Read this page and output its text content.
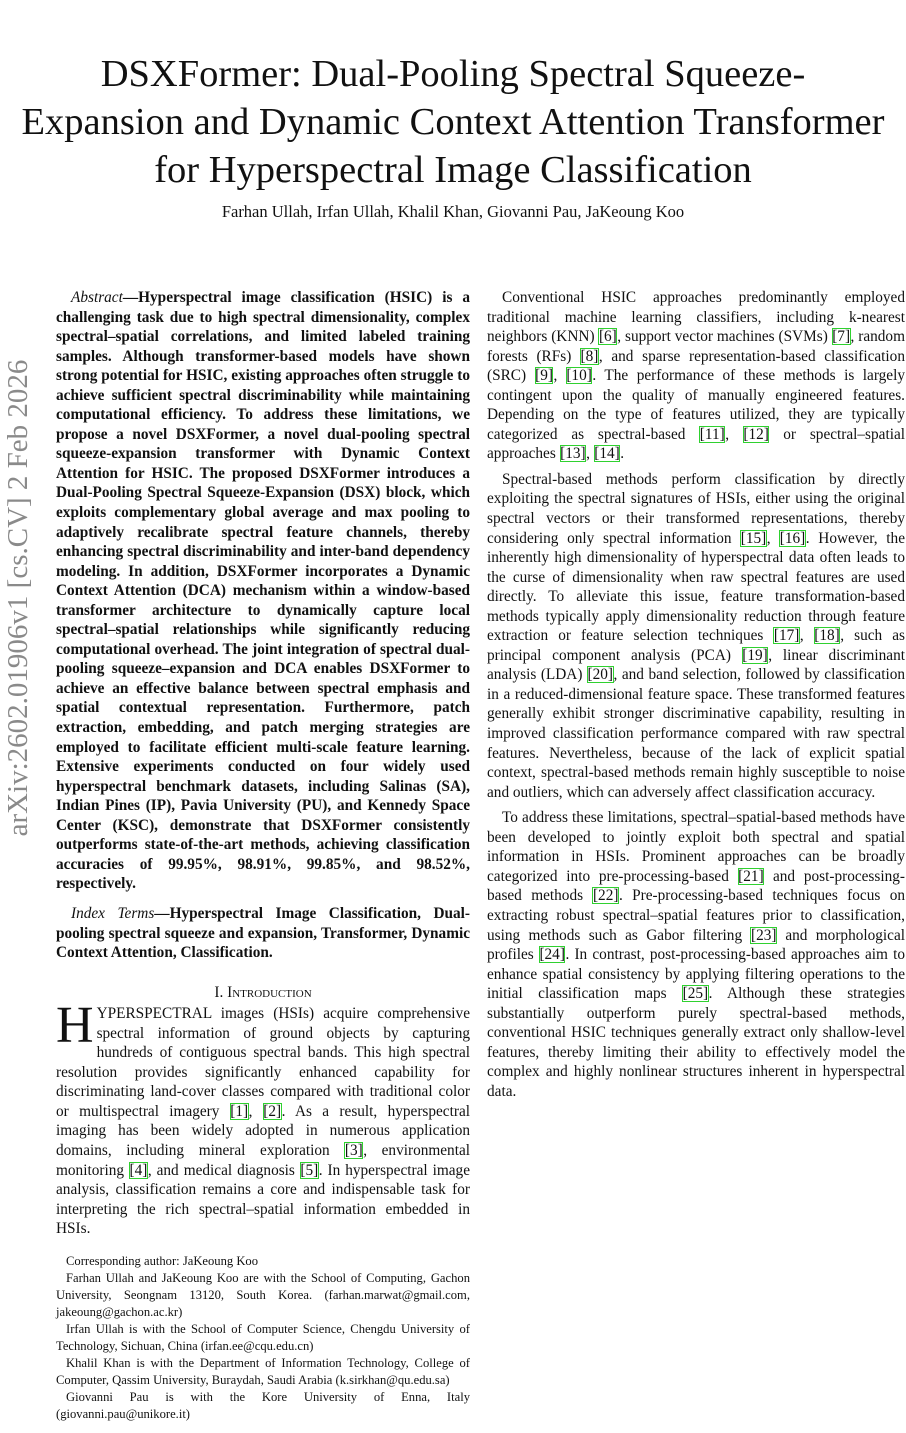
arXiv:2602.01906v1 [cs.CV] 2 Feb 2026
DSXFormer: Dual-Pooling Spectral Squeeze-Expansion and Dynamic Context Attention Transformer for Hyperspectral Image Classification
Farhan Ullah, Irfan Ullah, Khalil Khan, Giovanni Pau, JaKeoung Koo

Abstract—Hyperspectral image classification (HSIC) is a challenging task due to high spectral dimensionality, complex spectral–spatial correlations, and limited labeled training samples. Although transformer-based models have shown strong potential for HSIC, existing approaches often struggle to achieve sufficient spectral discriminability while maintaining computational efficiency. To address these limitations, we propose a novel DSXFormer, a novel dual-pooling spectral squeeze-expansion transformer with Dynamic Context Attention for HSIC. The proposed DSXFormer introduces a Dual-Pooling Spectral Squeeze-Expansion (DSX) block, which exploits complementary global average and max pooling to adaptively recalibrate spectral feature channels, thereby enhancing spectral discriminability and inter-band dependency modeling. In addition, DSXFormer incorporates a Dynamic Context Attention (DCA) mechanism within a window-based transformer architecture to dynamically capture local spectral–spatial relationships while significantly reducing computational overhead. The joint integration of spectral dual-pooling squeeze–expansion and DCA enables DSXFormer to achieve an effective balance between spectral emphasis and spatial contextual representation. Furthermore, patch extraction, embedding, and patch merging strategies are employed to facilitate efficient multi-scale feature learning. Extensive experiments conducted on four widely used hyperspectral benchmark datasets, including Salinas (SA), Indian Pines (IP), Pavia University (PU), and Kennedy Space Center (KSC), demonstrate that DSXFormer consistently outperforms state-of-the-art methods, achieving classification accuracies of 99.95%, 98.91%, 99.85%, and 98.52%, respectively.

Index Terms—Hyperspectral Image Classification, Dual-pooling spectral squeeze and expansion, Transformer, Dynamic Context Attention, Classification.

I. Introduction

HYPERSPECTRAL images (HSIs) acquire comprehensive spectral information of ground objects by capturing hundreds of contiguous spectral bands. This high spectral resolution provides significantly enhanced capability for discriminating land-cover classes compared with traditional color or multispectral imagery [1], [2]. As a result, hyperspectral imaging has been widely adopted in numerous application domains, including mineral exploration [3], environmental monitoring [4], and medical diagnosis [5]. In hyperspectral image analysis, classification remains a core and indispensable task for interpreting the rich spectral–spatial information embedded in HSIs.

Corresponding author: JaKeoung Koo

Farhan Ullah and JaKeoung Koo are with the School of Computing, Gachon University, Seongnam 13120, South Korea. (farhan.marwat@gmail.com, jakeoung@gachon.ac.kr)

Irfan Ullah is with the School of Computer Science, Chengdu University of Technology, Sichuan, China (irfan.ee@cqu.edu.cn)

Khalil Khan is with the Department of Information Technology, College of Computer, Qassim University, Buraydah, Saudi Arabia (k.sirkhan@qu.edu.sa)

Giovanni Pau is with the Kore University of Enna, Italy (giovanni.pau@unikore.it)

Conventional HSIC approaches predominantly employed traditional machine learning classifiers, including k-nearest neighbors (KNN) [6], support vector machines (SVMs) [7], random forests (RFs) [8], and sparse representation-based classification (SRC) [9], [10]. The performance of these methods is largely contingent upon the quality of manually engineered features. Depending on the type of features utilized, they are typically categorized as spectral-based [11], [12] or spectral–spatial approaches [13], [14].

Spectral-based methods perform classification by directly exploiting the spectral signatures of HSIs, either using the original spectral vectors or their transformed representations, thereby considering only spectral information [15], [16]. However, the inherently high dimensionality of hyperspectral data often leads to the curse of dimensionality when raw spectral features are used directly. To alleviate this issue, feature transformation-based methods typically apply dimensionality reduction through feature extraction or feature selection techniques [17], [18], such as principal component analysis (PCA) [19], linear discriminant analysis (LDA) [20], and band selection, followed by classification in a reduced-dimensional feature space. These transformed features generally exhibit stronger discriminative capability, resulting in improved classification performance compared with raw spectral features. Nevertheless, because of the lack of explicit spatial context, spectral-based methods remain highly susceptible to noise and outliers, which can adversely affect classification accuracy.

To address these limitations, spectral–spatial-based methods have been developed to jointly exploit both spectral and spatial information in HSIs. Prominent approaches can be broadly categorized into pre-processing-based [21] and post-processing-based methods [22]. Pre-processing-based techniques focus on extracting robust spectral–spatial features prior to classification, using methods such as Gabor filtering [23] and morphological profiles [24]. In contrast, post-processing-based approaches aim to enhance spatial consistency by applying filtering operations to the initial classification maps [25]. Although these strategies substantially outperform purely spectral-based methods, conventional HSIC techniques generally extract only shallow-level features, thereby limiting their ability to effectively model the complex and highly nonlinear structures inherent in hyperspectral data.
